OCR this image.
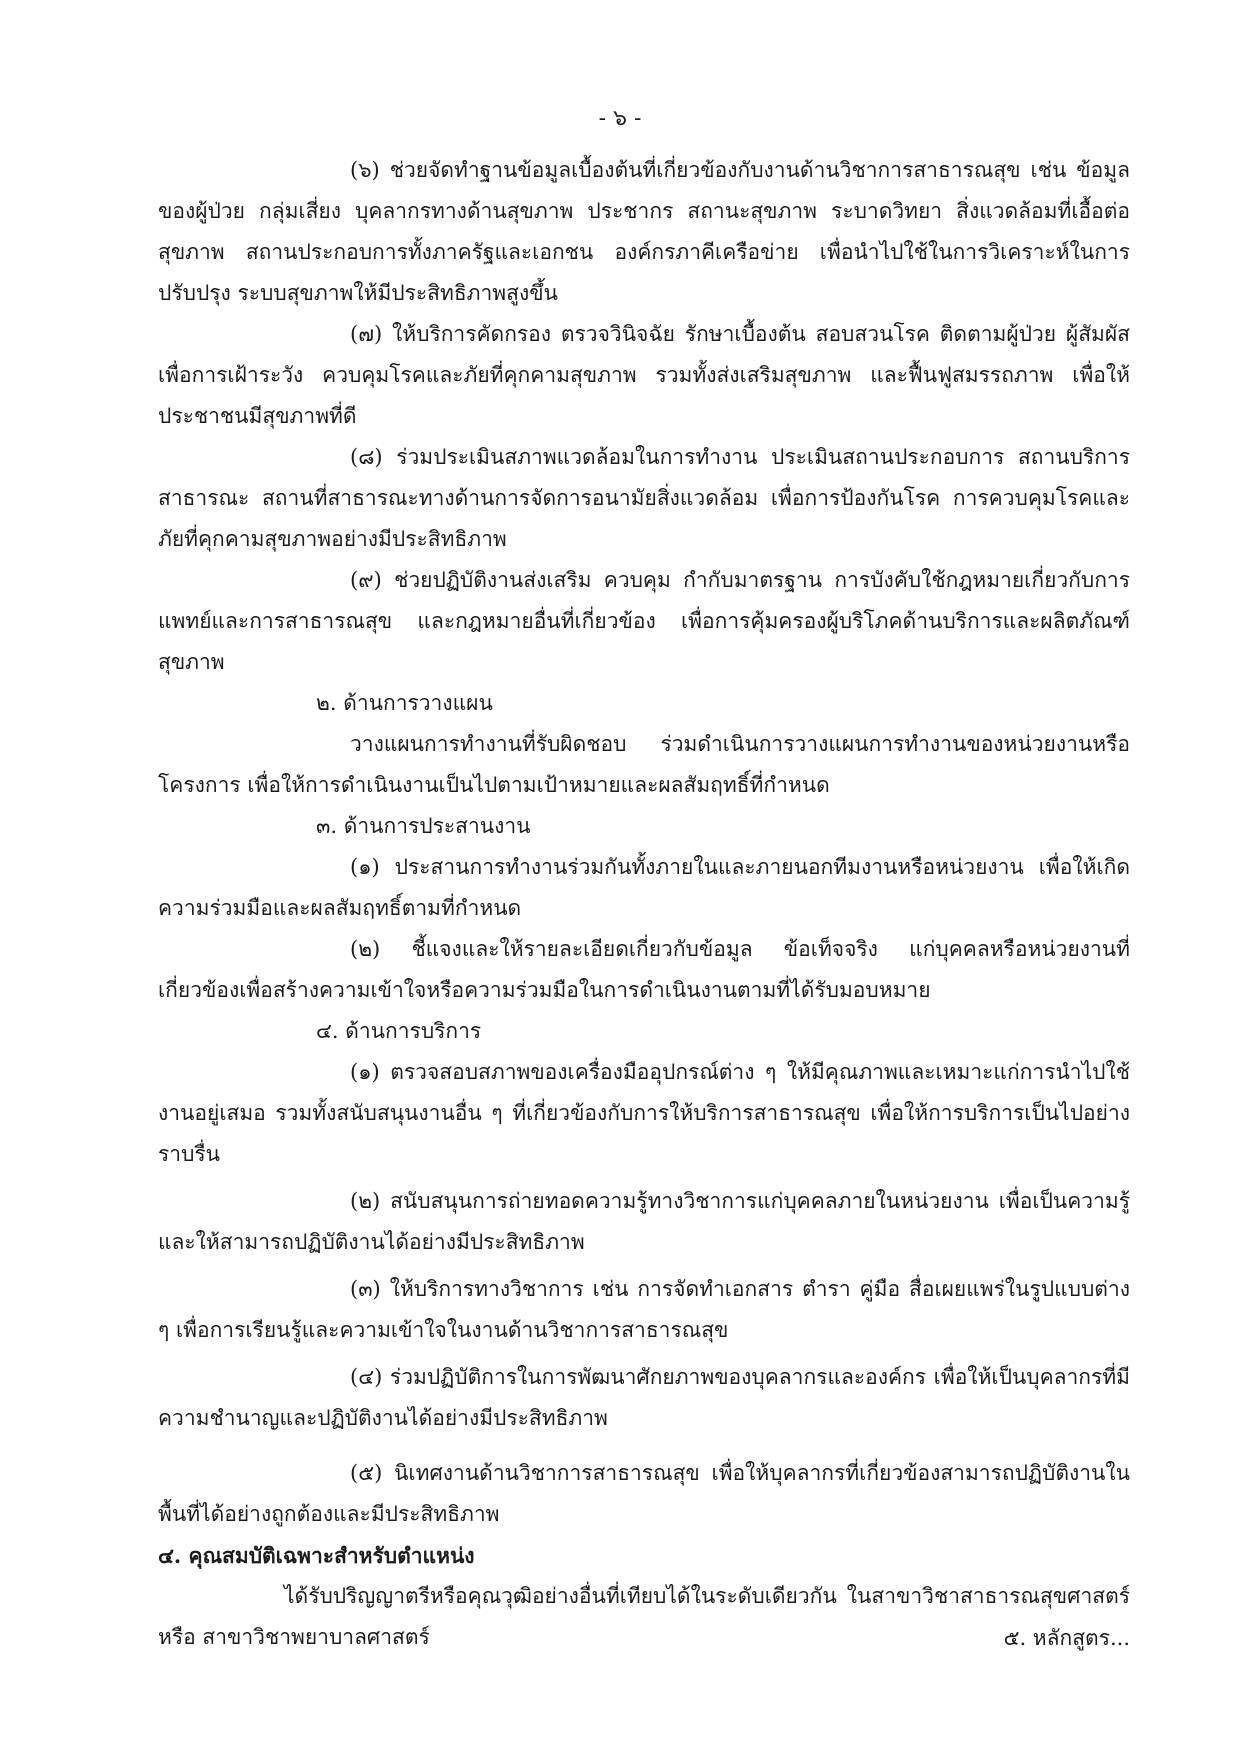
- ๖ -

(๖) ช่วยจัดทำฐานข้อมูลเบื้องต้นที่เกี่ยวข้องกับงานด้านวิชาการสาธารณสุข เช่น ข้อมูลของผู้ป่วย กลุ่มเสี่ยง บุคลากรทางด้านสุขภาพ ประชากร สถานะสุขภาพ ระบาดวิทยา สิ่งแวดล้อมที่เอื้อต่อสุขภาพ สถานประกอบการทั้งภาครัฐและเอกชน องค์กรภาคีเครือข่าย เพื่อนำไปใช้ในการวิเคราะห์ในการปรับปรุง ระบบสุขภาพให้มีประสิทธิภาพสูงขึ้น

(๗) ให้บริการคัดกรอง ตรวจวินิจฉัย รักษาเบื้องต้น สอบสวนโรค ติดตามผู้ป่วย ผู้สัมผัสเพื่อการเฝ้าระวัง ควบคุมโรคและภัยที่คุกคามสุขภาพ รวมทั้งส่งเสริมสุขภาพ และฟื้นฟูสมรรถภาพ เพื่อให้ประชาชนมีสุขภาพที่ดี

(๘) ร่วมประเมินสภาพแวดล้อมในการทำงาน ประเมินสถานประกอบการ สถานบริการสาธารณะ สถานที่สาธารณะทางด้านการจัดการอนามัยสิ่งแวดล้อม เพื่อการป้องกันโรค การควบคุมโรคและภัยที่คุกคามสุขภาพอย่างมีประสิทธิภาพ

(๙) ช่วยปฏิบัติงานส่งเสริม ควบคุม กำกับมาตรฐาน การบังคับใช้กฎหมายเกี่ยวกับการแพทย์และการสาธารณสุข และกฎหมายอื่นที่เกี่ยวข้อง เพื่อการคุ้มครองผู้บริโภคด้านบริการและผลิตภัณฑ์สุขภาพ

๒. ด้านการวางแผน

วางแผนการทำงานที่รับผิดชอบ ร่วมดำเนินการวางแผนการทำงานของหน่วยงานหรือโครงการ เพื่อให้การดำเนินงานเป็นไปตามเป้าหมายและผลสัมฤทธิ์ที่กำหนด

๓. ด้านการประสานงาน

(๑) ประสานการทำงานร่วมกันทั้งภายในและภายนอกทีมงานหรือหน่วยงาน เพื่อให้เกิดความร่วมมือและผลสัมฤทธิ์ตามที่กำหนด

(๒) ชี้แจงและให้รายละเอียดเกี่ยวกับข้อมูล ข้อเท็จจริง แก่บุคคลหรือหน่วยงานที่เกี่ยวข้องเพื่อสร้างความเข้าใจหรือความร่วมมือในการดำเนินงานตามที่ได้รับมอบหมาย

๔. ด้านการบริการ

(๑) ตรวจสอบสภาพของเครื่องมืออุปกรณ์ต่าง ๆ ให้มีคุณภาพและเหมาะแก่การนำไปใช้งานอยู่เสมอ รวมทั้งสนับสนุนงานอื่น ๆ ที่เกี่ยวข้องกับการให้บริการสาธารณสุข เพื่อให้การบริการเป็นไปอย่างราบรื่น

(๒) สนับสนุนการถ่ายทอดความรู้ทางวิชาการแก่บุคคลภายในหน่วยงาน เพื่อเป็นความรู้และให้สามารถปฏิบัติงานได้อย่างมีประสิทธิภาพ

(๓) ให้บริการทางวิชาการ เช่น การจัดทำเอกสาร ตำรา คู่มือ สื่อเผยแพร่ในรูปแบบต่าง ๆ เพื่อการเรียนรู้และความเข้าใจในงานด้านวิชาการสาธารณสุข

(๔) ร่วมปฏิบัติการในการพัฒนาศักยภาพของบุคลากรและองค์กร เพื่อให้เป็นบุคลากรที่มีความชำนาญและปฏิบัติงานได้อย่างมีประสิทธิภาพ

(๕) นิเทศงานด้านวิชาการสาธารณสุข เพื่อให้บุคลากรที่เกี่ยวข้องสามารถปฏิบัติงานในพื้นที่ได้อย่างถูกต้องและมีประสิทธิภาพ

๔. คุณสมบัติเฉพาะสำหรับตำแหน่ง

ได้รับปริญญาตรีหรือคุณวุฒิอย่างอื่นที่เทียบได้ในระดับเดียวกัน ในสาขาวิชาสาธารณสุขศาสตร์ หรือ สาขาวิชาพยาบาลศาสตร์	๕. หลักสูตร...
